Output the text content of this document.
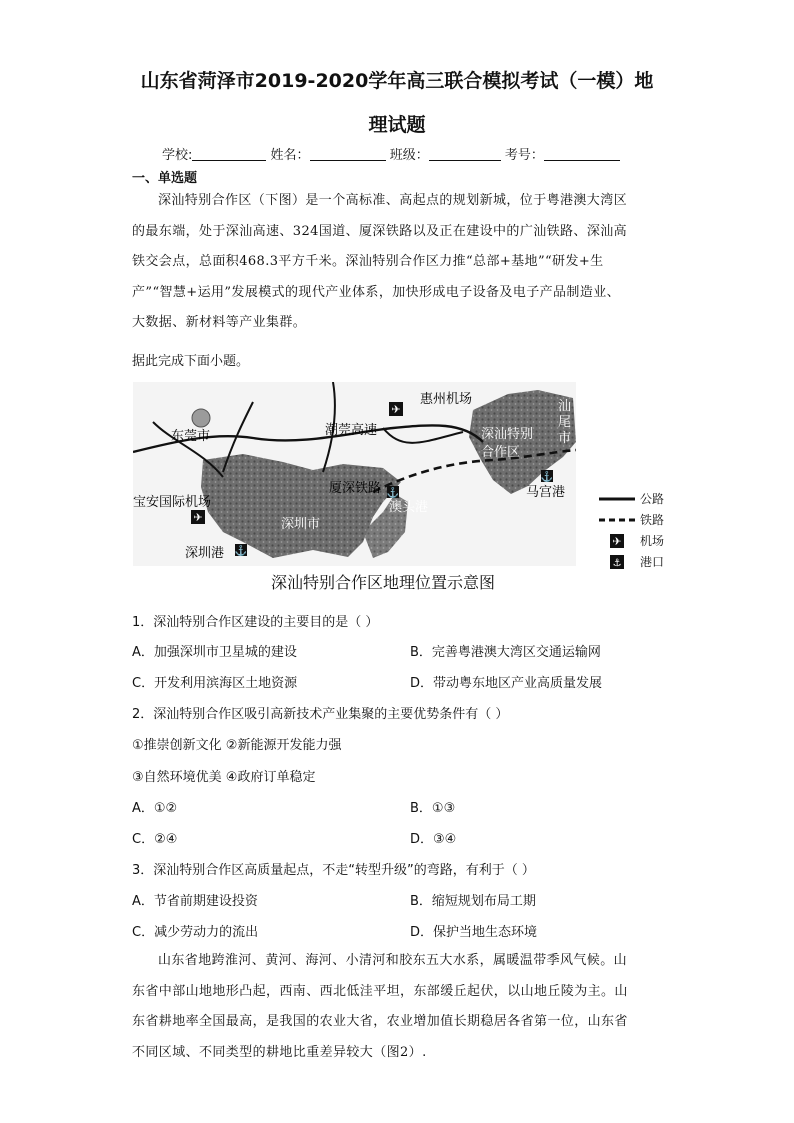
山东省菏泽市2019-2020学年高三联合模拟考试（一模）地
理试题
学校:	姓名：	班级：	考号：
一、单选题
深汕特别合作区（下图）是一个高标准、高起点的规划新城，位于粤港澳大湾区
的最东端，处于深汕高速、324国道、厦深铁路以及正在建设中的广汕铁路、深汕高
铁交会点，总面积468.3平方千米。深汕特别合作区力推“总部+基地”“研发+生
产”“智慧+运用”发展模式的现代产业体系，加快形成电子设备及电子产品制造业、
大数据、新材料等产业集群。
据此完成下面小题。
✈
✈
⚓
⚓
⚓
惠州机场
东莞市	潮莞高速	深汕特别
合作区
汕
尾
市
宝安国际机场
厦深铁路
澳头港
马宫港
深圳市
深圳港
公路
铁路
✈ 机场
⚓ 港口
深汕特别合作区地理位置示意图
1．深汕特别合作区建设的主要目的是（ ）
A．加强深圳市卫星城的建设	B．完善粤港澳大湾区交通运输网
C．开发利用滨海区土地资源	D．带动粤东地区产业高质量发展
2．深汕特别合作区吸引高新技术产业集聚的主要优势条件有（ ）
①推崇创新文化 ②新能源开发能力强
③自然环境优美 ④政府订单稳定
A．①②	B．①③
C．②④	D．③④
3．深汕特别合作区高质量起点，不走“转型升级”的弯路，有利于（ ）
A．节省前期建设投资	B．缩短规划布局工期
C．减少劳动力的流出	D．保护当地生态环境
山东省地跨淮河、黄河、海河、小清河和胶东五大水系，属暖温带季风气候。山
东省中部山地地形凸起，西南、西北低洼平坦，东部缓丘起伏，以山地丘陵为主。山
东省耕地率全国最高，是我国的农业大省，农业增加值长期稳居各省第一位，山东省
不同区域、不同类型的耕地比重差异较大（图2）.
